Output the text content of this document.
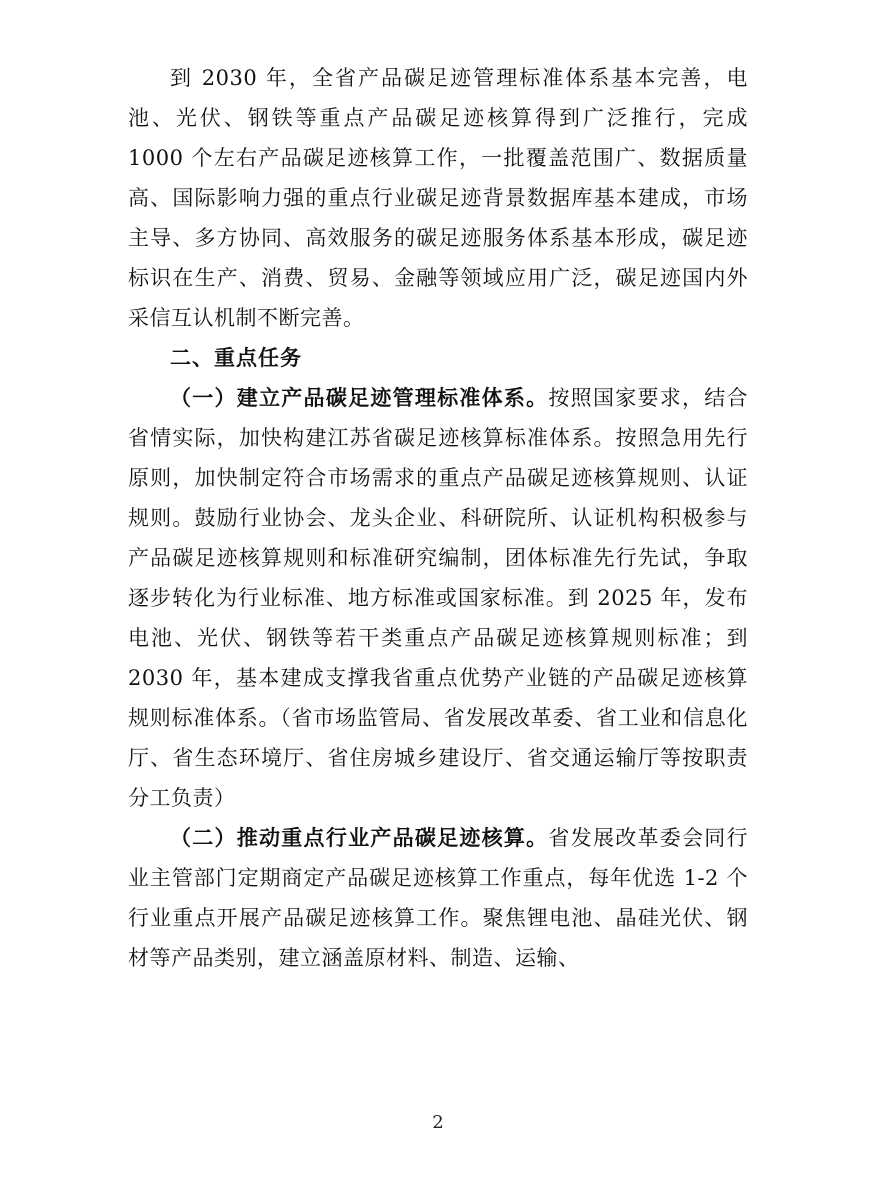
到 2030 年，全省产品碳足迹管理标准体系基本完善，电池、光伏、钢铁等重点产品碳足迹核算得到广泛推行，完成 1000 个左右产品碳足迹核算工作，一批覆盖范围广、数据质量高、国际影响力强的重点行业碳足迹背景数据库基本建成，市场主导、多方协同、高效服务的碳足迹服务体系基本形成，碳足迹标识在生产、消费、贸易、金融等领域应用广泛，碳足迹国内外采信互认机制不断完善。

二、重点任务

（一）建立产品碳足迹管理标准体系。按照国家要求，结合省情实际，加快构建江苏省碳足迹核算标准体系。按照急用先行原则，加快制定符合市场需求的重点产品碳足迹核算规则、认证规则。鼓励行业协会、龙头企业、科研院所、认证机构积极参与产品碳足迹核算规则和标准研究编制，团体标准先行先试，争取逐步转化为行业标准、地方标准或国家标准。到 2025 年，发布电池、光伏、钢铁等若干类重点产品碳足迹核算规则标准；到 2030 年，基本建成支撑我省重点优势产业链的产品碳足迹核算规则标准体系。（省市场监管局、省发展改革委、省工业和信息化厅、省生态环境厅、省住房城乡建设厅、省交通运输厅等按职责分工负责）

（二）推动重点行业产品碳足迹核算。省发展改革委会同行业主管部门定期商定产品碳足迹核算工作重点，每年优选 1-2 个行业重点开展产品碳足迹核算工作。聚焦锂电池、晶硅光伏、钢材等产品类别，建立涵盖原材料、制造、运输、

2
